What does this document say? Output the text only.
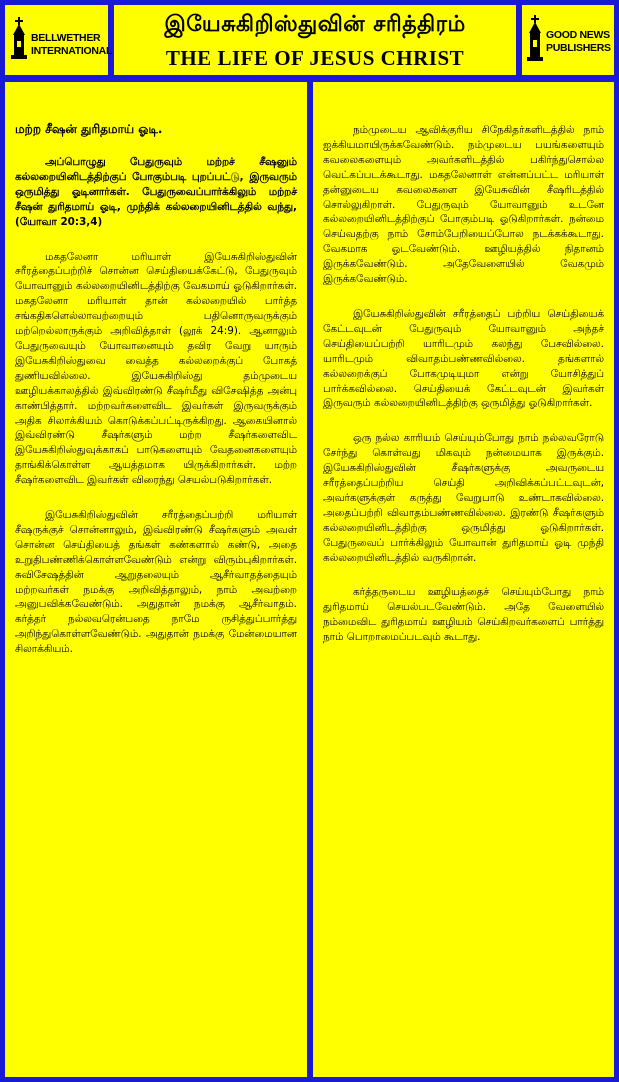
BELLWETHER
INTERNATIONAL
இயேசுகிறிஸ்துவின் சரித்திரம்
THE LIFE OF JESUS CHRIST
GOOD NEWS
PUBLISHERS

மற்ற சீஷன் துரிதமாய் ஓடி.

அப்பொழுது பேதுருவும் மற்றச் சீஷனும் கல்லறையினிடத்திற்குப் போகும்படி புறப்பட்டு, இருவரும் ஒருமித்து ஓடினார்கள். பேதுருவைப்பார்க்கிலும் மற்றச் சீஷன் துரிதமாய் ஓடி, முந்திக் கல்லறையினிடத்தில் வந்து, (யோவா 20:3,4)

மகதலேனா மரியாள் இயேசுகிறிஸ்துவின் சரீரத்தைப்பற்றிச் சொன்ன செய்தியைக்கேட்டு, பேதுருவும் யோவானும் கல்லறையினிடத்திற்கு வேகமாய் ஓடுகிறார்கள். மகதலேனா மரியாள் தான் கல்லறையில் பார்த்த சங்கதிகளெல்லாவற்றையும் பதினொருவருக்கும் மற்றெல்லாருக்கும் அறிவித்தாள் (லூக் 24:9). ஆனாலும் பேதுருவையும் யோவானையும் தவிர வேறு யாரும் இயேசுகிறிஸ்துவை வைத்த கல்லறைக்குப் போகத் துணியவில்லை. இயேசுகிறிஸ்து தம்முடைய ஊழியக்காலத்தில் இவ்விரண்டு சீஷர்மீது விசேஷித்த அன்பு காண்பித்தார். மற்றவர்களைவிட இவர்கள் இருவருக்கும் அதிக சிலாக்கியம் கொடுக்கப்பட்டிருக்கிறது. ஆகையினால் இவ்விரண்டு சீஷர்களும் மற்ற சீஷர்களைவிட இயேசுகிறிஸ்துவுக்காகப் பாடுகளையும் வேதனைகளையும் தாங்கிக்கொள்ள ஆயத்தமாக யிருக்கிறார்கள். மற்ற சீஷர்களைவிட இவர்கள் விரைந்து செயல்படுகிறார்கள்.

இயேசுகிறிஸ்துவின் சரீரத்தைப்பற்றி மரியாள் சீஷருக்குச் சொன்னாலும், இவ்விரண்டு சீஷர்களும் அவள் சொன்ன செய்தியைத் தங்கள் கண்களால் கண்டு, அதை உறுதிபண்ணிக்கொள்ளவேண்டும் என்று விரும்புகிறார்கள். சுவிசேஷத்தின் ஆறுதலையும் ஆசீர்வாதத்தையும் மற்றவர்கள் நமக்கு அறிவித்தாலும், நாம் அவற்றை அனுபவிக்கவேண்டும். அதுதான் நமக்கு ஆசீர்வாதம். கர்த்தர் நல்லவரென்பதை நாமே ருசித்துப்பார்த்து அறிந்துகொள்ளவேண்டும். அதுதான் நமக்கு மேன்மையான சிலாக்கியம்.

நம்முடைய ஆவிக்குரிய சிநேகிதர்களிடத்தில் நாம் ஐக்கியமாயிருக்கவேண்டும். நம்முடைய பயங்களையும் கவலைகளையும் அவர்களிடத்தில் பகிர்ந்துசொல்ல வெட்கப்படக்கூடாது. மகதலேனாள் என்னப்பட்ட மரியாள் தன்னுடைய கவலைகளை இயேசுவின் சீஷரிடத்தில் சொல்லுகிறாள். பேதுருவும் யோவானும் உடனே கல்லறையினிடத்திற்குப் போகும்படி ஓடுகிறார்கள். நன்மை செய்வதற்கு நாம் சோம்பேறியைப்போல நடக்கக்கூடாது. வேகமாக ஓடவேண்டும். ஊழியத்தில் நிதானம் இருக்கவேண்டும். அதேவேளையில் வேகமும் இருக்கவேண்டும்.

இயேசுகிறிஸ்துவின் சரீரத்தைப் பற்றிய செய்தியைக் கேட்டவுடன் பேதுருவும் யோவானும் அந்தச் செய்தியைப்பற்றி யாரிடமும் கலந்து பேசவில்லை. யாரிடமும் விவாதம்பண்ணவில்லை. தங்களால் கல்லறைக்குப் போகமுடியுமா என்று யோசித்துப் பார்க்கவில்லை. செய்தியைக் கேட்டவுடன் இவர்கள் இருவரும் கல்லறையினிடத்திற்கு ஒருமித்து ஓடுகிறார்கள்.

ஒரு நல்ல காரியம் செய்யும்போது நாம் நல்லவரோடு சேர்ந்து கொள்வது மிகவும் நன்மையாக இருக்கும். இயேசுகிறிஸ்துவின் சீஷர்களுக்கு அவருடைய சரீரத்தைப்பற்றிய செய்தி அறிவிக்கப்பட்டவுடன், அவர்களுக்குள் கருத்து வேறுபாடு உண்டாகவில்லை. அதைப்பற்றி விவாதம்பண்ணவில்லை. இரண்டு சீஷர்களும் கல்லறையினிடத்திற்கு ஒருமித்து ஓடுகிறார்கள். பேதுருவைப் பார்க்கிலும் யோவான் துரிதமாய் ஓடி முந்தி கல்லறையினிடத்தில் வருகிறான்.

கர்த்தருடைய ஊழியத்தைச் செய்யும்போது நாம் துரிதமாய் செயல்படவேண்டும். அதே வேளையில் நம்மைவிட துரிதமாய் ஊழியம் செய்கிறவர்களைப் பார்த்து நாம் பொறாமைப்படவும் கூடாது.
